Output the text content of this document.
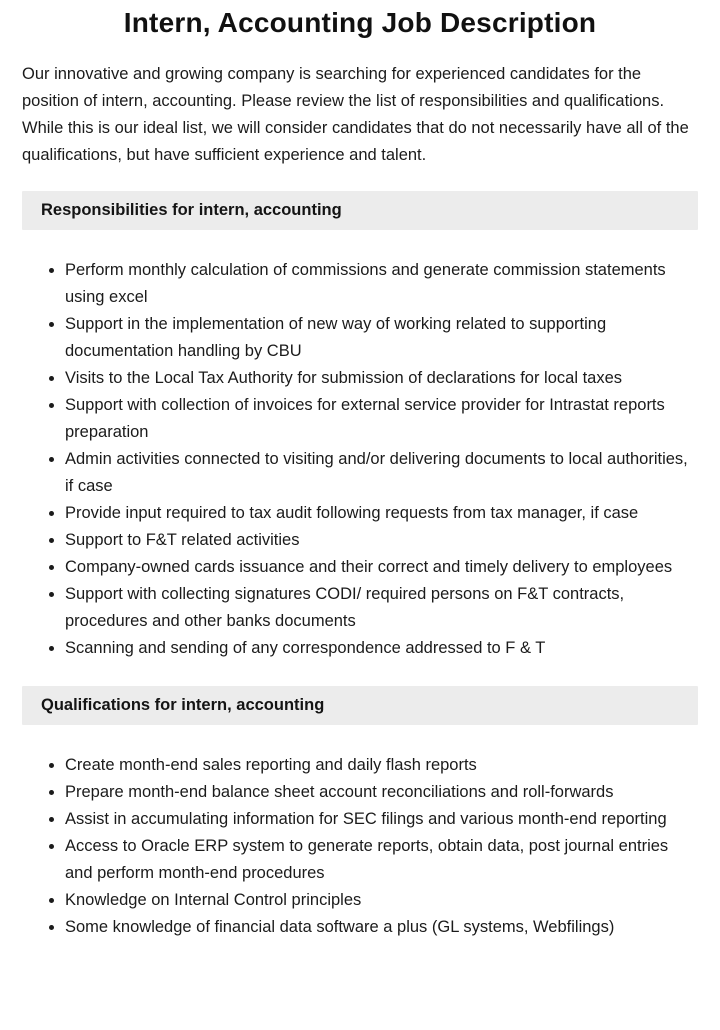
Intern, Accounting Job Description

Our innovative and growing company is searching for experienced candidates for the position of intern, accounting. Please review the list of responsibilities and qualifications. While this is our ideal list, we will consider candidates that do not necessarily have all of the qualifications, but have sufficient experience and talent.

Responsibilities for intern, accounting
• Perform monthly calculation of commissions and generate commission statements using excel
• Support in the implementation of new way of working related to supporting documentation handling by CBU
• Visits to the Local Tax Authority for submission of declarations for local taxes
• Support with collection of invoices for external service provider for Intrastat reports preparation
• Admin activities connected to visiting and/or delivering documents to local authorities, if case
• Provide input required to tax audit following requests from tax manager, if case
• Support to F&T related activities
• Company-owned cards issuance and their correct and timely delivery to employees
• Support with collecting signatures CODI/ required persons on F&T contracts, procedures and other banks documents
• Scanning and sending of any correspondence addressed to F & T
Qualifications for intern, accounting
• Create month-end sales reporting and daily flash reports
• Prepare month-end balance sheet account reconciliations and roll-forwards
• Assist in accumulating information for SEC filings and various month-end reporting
• Access to Oracle ERP system to generate reports, obtain data, post journal entries and perform month-end procedures
• Knowledge on Internal Control principles
• Some knowledge of financial data software a plus (GL systems, Webfilings)
